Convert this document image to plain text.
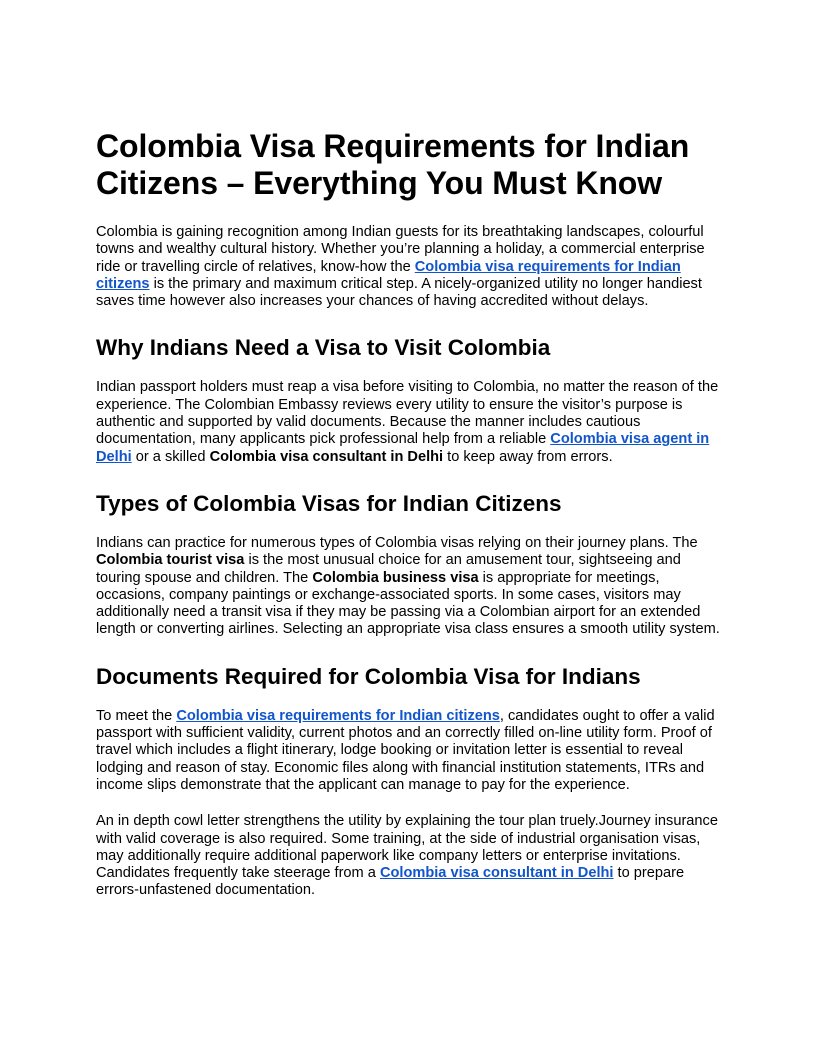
Colombia Visa Requirements for Indian Citizens – Everything You Must Know

Colombia is gaining recognition among Indian guests for its breathtaking landscapes, colourful towns and wealthy cultural history. Whether you’re planning a holiday, a commercial enterprise ride or travelling circle of relatives, know-how the Colombia visa requirements for Indian citizens is the primary and maximum critical step. A nicely-organized utility no longer handiest saves time however also increases your chances of having accredited without delays.

Why Indians Need a Visa to Visit Colombia

Indian passport holders must reap a visa before visiting to Colombia, no matter the reason of the experience. The Colombian Embassy reviews every utility to ensure the visitor’s purpose is authentic and supported by valid documents. Because the manner includes cautious documentation, many applicants pick professional help from a reliable Colombia visa agent in Delhi or a skilled Colombia visa consultant in Delhi to keep away from errors.

Types of Colombia Visas for Indian Citizens

Indians can practice for numerous types of Colombia visas relying on their journey plans. The Colombia tourist visa is the most unusual choice for an amusement tour, sightseeing and touring spouse and children. The Colombia business visa is appropriate for meetings, occasions, company paintings or exchange-associated sports. In some cases, visitors may additionally need a transit visa if they may be passing via a Colombian airport for an extended length or converting airlines. Selecting an appropriate visa class ensures a smooth utility system.

Documents Required for Colombia Visa for Indians

To meet the Colombia visa requirements for Indian citizens, candidates ought to offer a valid passport with sufficient validity, current photos and an correctly filled on-line utility form. Proof of travel which includes a flight itinerary, lodge booking or invitation letter is essential to reveal lodging and reason of stay. Economic files along with financial institution statements, ITRs and income slips demonstrate that the applicant can manage to pay for the experience.

An in depth cowl letter strengthens the utility by explaining the tour plan truely.Journey insurance with valid coverage is also required. Some training, at the side of industrial organisation visas, may additionally require additional paperwork like company letters or enterprise invitations. Candidates frequently take steerage from a Colombia visa consultant in Delhi to prepare errors-unfastened documentation.
